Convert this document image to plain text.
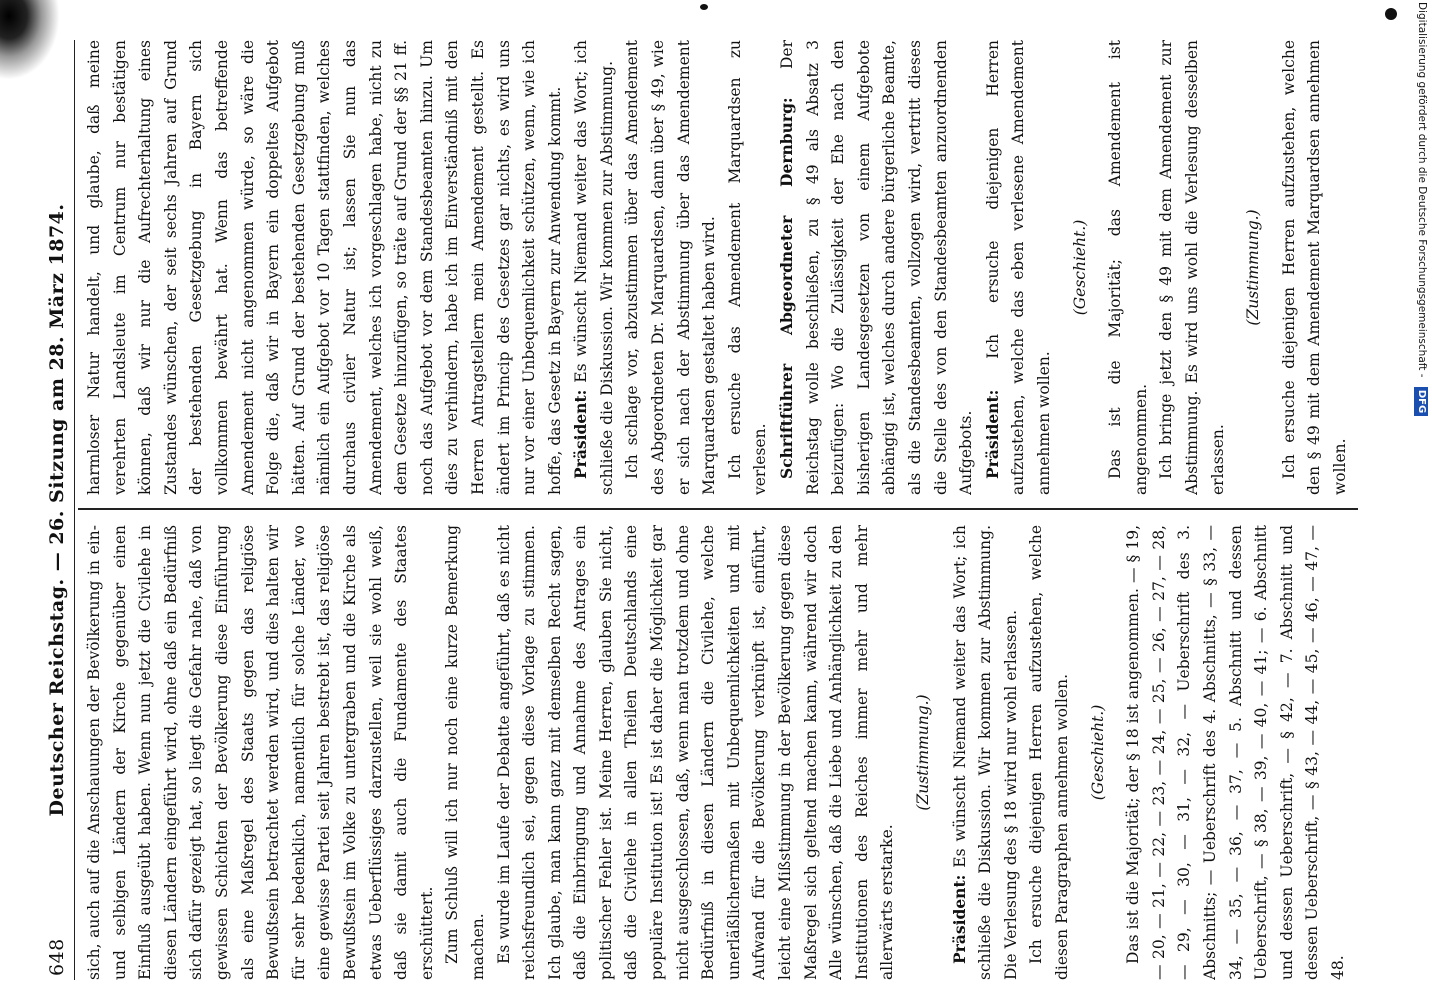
648
Deutscher Reichstag. — 26. Sitzung am 28. März 1874. sich, auch auf die Anschauungen der Bevölkerung in ein- und selbigen Ländern der Kirche gegenüber einen Einfluß ausgeübt haben. Wenn nun jetzt die Civilehe in diesen Ländern eingeführt wird, ohne daß ein Bedürfniß sich dafür gezeigt hat, so liegt die Gefahr nahe, daß von gewissen Schichten der Bevölkerung diese Einführung als eine Maßregel des Staats gegen das religiöse Bewußtsein betrachtet werden wird, und dies halten wir für sehr bedenklich, namentlich für solche Länder, wo eine gewisse Partei seit Jahren bestrebt ist, das religiöse Bewußtsein im Volke zu untergraben und die Kirche als etwas Ueberflüssiges darzustellen, weil sie wohl weiß, daß sie damit auch die Fundamente des Staates erschüttert. Zum Schluß will ich nur noch eine kurze Bemerkung machen. Es wurde im Laufe der Debatte angeführt, daß es nicht reichsfreundlich sei, gegen diese Vorlage zu stimmen. Ich glaube, man kann ganz mit demselben Recht sagen, daß die Einbringung und Annahme des Antrages ein politischer Fehler ist. Meine Herren, glauben Sie nicht, daß die Civilehe in allen Theilen Deutschlands eine populäre Institution ist! Es ist daher die Möglichkeit gar nicht ausgeschlossen, daß, wenn man trotzdem und ohne Bedürfniß in diesen Ländern die Civilehe, welche unerläßlichermaßen mit Unbequemlichkeiten und mit Aufwand für die Bevölkerung verknüpft ist, einführt, leicht eine Mißstimmung in der Bevölkerung gegen diese Maßregel sich geltend machen kann, während wir doch Alle wünschen, daß die Liebe und Anhänglichkeit zu den Institutionen des Reiches immer mehr und mehr allerwärts erstarke.

(Zustimmung.)

Präsident: Es wünscht Niemand weiter das Wort; ich schließe die Diskussion. Wir kommen zur Abstimmung. Die Verlesung des § 18 wird nur wohl erlassen. Ich ersuche diejenigen Herren aufzustehen, welche diesen Paragraphen annehmen wollen. (Geschieht.) Das ist die Majorität; der § 18 ist angenommen. — § 19, — 20, — 21, — 22, — 23, — 24, — 25, — 26, — 27, — 28, — 29, — 30, — 31, — 32, — Ueberschrift des 3. Abschnitts; — Ueberschrift des 4. Abschnitts, — § 33, — 34, — 35, — 36, — 37, — 5. Abschnitt und dessen Ueberschrift, — § 38, — 39, — 40, — 41; — 6. Abschnitt und dessen Ueberschrift, — § 42, — 7. Abschnitt und dessen Ueberschrift, — § 43, — 44, — 45, — 46, — 47, — 48.

harmloser Natur handelt, und glaube, daß meine verehrten Landsleute im Centrum nur bestätigen können, daß wir nur die Aufrechterhaltung eines Zustandes wünschen, der seit sechs Jahren auf Grund der bestehenden Gesetzgebung in Bayern sich vollkommen bewährt hat. Wenn das betreffende Amendement nicht angenommen würde, so wäre die Folge die, daß wir in Bayern ein doppeltes Aufgebot hätten. Auf Grund der bestehenden Gesetzgebung muß nämlich ein Aufgebot vor 10 Tagen stattfinden, welches durchaus civiler Natur ist; lassen Sie nun das Amendement, welches ich vorgeschlagen habe, nicht zu dem Gesetze hinzufügen, so träte auf Grund der §§ 21 ff. noch das Aufgebot vor dem Standesbeamten hinzu. Um dies zu verhindern, habe ich im Einverständniß mit den Herren Antragstellern mein Amendement gestellt. Es ändert im Princip des Gesetzes gar nichts, es wird uns nur vor einer Unbequemlichkeit schützen, wenn, wie ich hoffe, das Gesetz in Bayern zur Anwendung kommt. Präsident: Es wünscht Niemand weiter das Wort; ich schließe die Diskussion. Wir kommen zur Abstimmung. Ich schlage vor, abzustimmen über das Amendement des Abgeordneten Dr. Marquardsen, dann über § 49, wie er sich nach der Abstimmung über das Amendement Marquardsen gestaltet haben wird. Ich ersuche das Amendement Marquardsen zu verlesen. Schriftführer Abgeordneter Dernburg: Der Reichstag wolle beschließen, zu § 49 als Absatz 3 beizufügen: Wo die Zulässigkeit der Ehe nach den bisherigen Landesgesetzen von einem Aufgebote abhängig ist, welches durch andere bürgerliche Beamte, als die Standesbeamten, vollzogen wird, vertritt dieses die Stelle des von den Standesbeamten anzuordnenden Aufgebots. Präsident: Ich ersuche diejenigen Herren aufzustehen, welche das eben verlesene Amendement annehmen wollen.

(Geschieht.) Das ist die Majorität; das Amendement ist angenommen. Ich bringe jetzt den § 49 mit dem Amendement zur Abstimmung. Es wird uns wohl die Verlesung desselben erlassen.

(Zustimmung.) Ich ersuche diejenigen Herren aufzustehen, welche den § 49 mit dem Amendement Marquardsen annehmen wollen.

Digitalisierung gefördert durch die Deutsche Forschungsgemeinschaft - DFG
